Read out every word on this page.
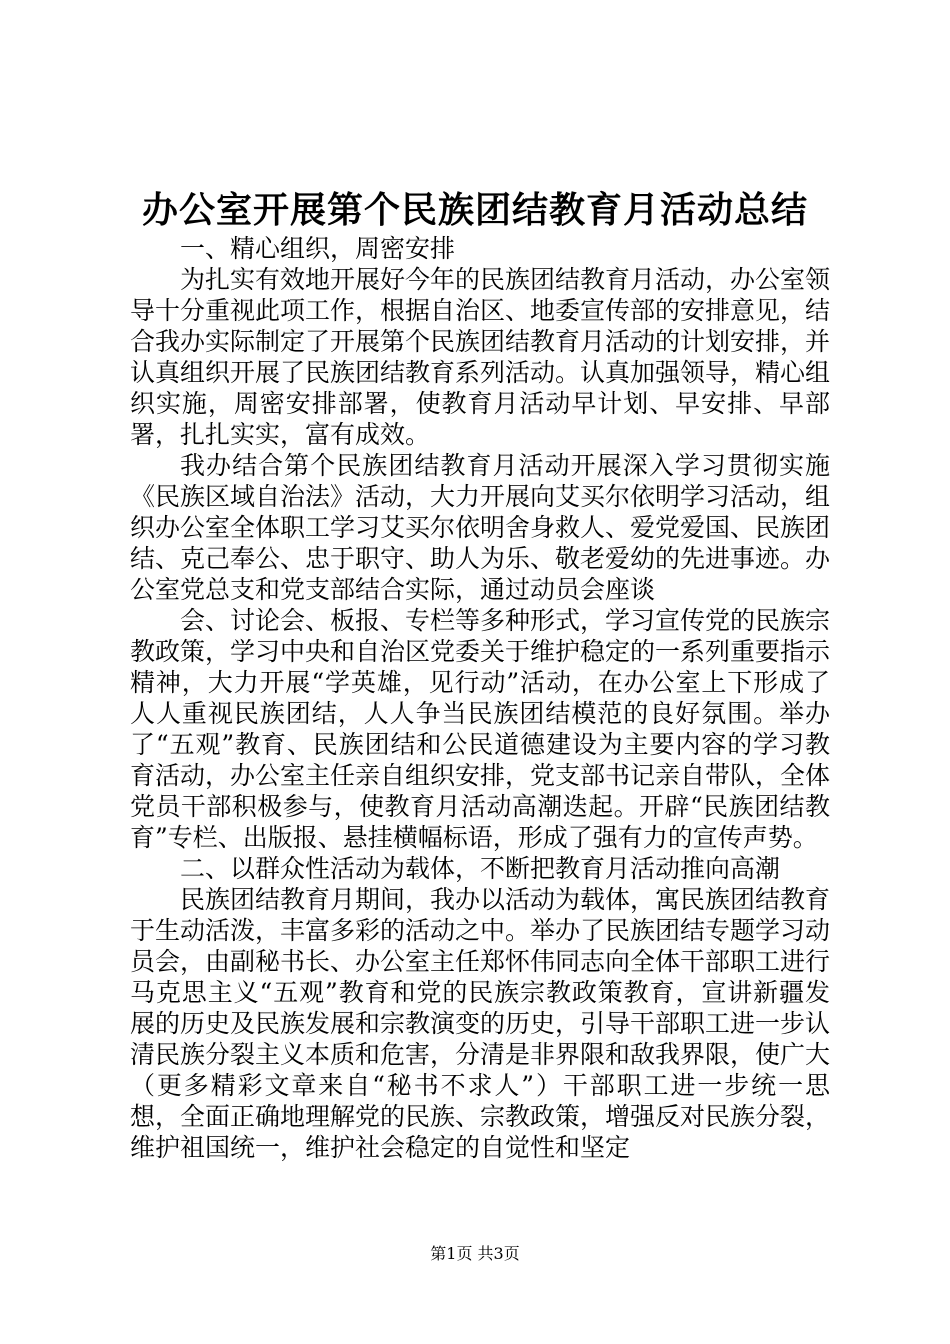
办公室开展第个民族团结教育月活动总结

一、精心组织，周密安排

为扎实有效地开展好今年的民族团结教育月活动，办公室领导十分重视此项工作，根据自治区、地委宣传部的安排意见，结合我办实际制定了开展第个民族团结教育月活动的计划安排，并认真组织开展了民族团结教育系列活动。认真加强领导，精心组织实施，周密安排部署，使教育月活动早计划、早安排、早部署，扎扎实实，富有成效。

我办结合第个民族团结教育月活动开展深入学习贯彻实施《民族区域自治法》活动，大力开展向艾买尔依明学习活动，组织办公室全体职工学习艾买尔依明舍身救人、爱党爱国、民族团结、克己奉公、忠于职守、助人为乐、敬老爱幼的先进事迹。办公室党总支和党支部结合实际，通过动员会座谈

会、讨论会、板报、专栏等多种形式，学习宣传党的民族宗教政策，学习中央和自治区党委关于维护稳定的一系列重要指示精神，大力开展“学英雄，见行动”活动，在办公室上下形成了人人重视民族团结，人人争当民族团结模范的良好氛围。举办了“五观”教育、民族团结和公民道德建设为主要内容的学习教育活动，办公室主任亲自组织安排，党支部书记亲自带队，全体党员干部积极参与，使教育月活动高潮迭起。开辟“民族团结教育”专栏、出版报、悬挂横幅标语，形成了强有力的宣传声势。

二、以群众性活动为载体，不断把教育月活动推向高潮

民族团结教育月期间，我办以活动为载体，寓民族团结教育于生动活泼，丰富多彩的活动之中。举办了民族团结专题学习动员会，由副秘书长、办公室主任郑怀伟同志向全体干部职工进行马克思主义“五观”教育和党的民族宗教政策教育，宣讲新疆发展的历史及民族发展和宗教演变的历史，引导干部职工进一步认清民族分裂主义本质和危害，分清是非界限和敌我界限，使广大（更多精彩文章来自“秘书不求人”）干部职工进一步统一思想，全面正确地理解党的民族、宗教政策，增强反对民族分裂，维护祖国统一，维护社会稳定的自觉性和坚定

第1页 共3页
